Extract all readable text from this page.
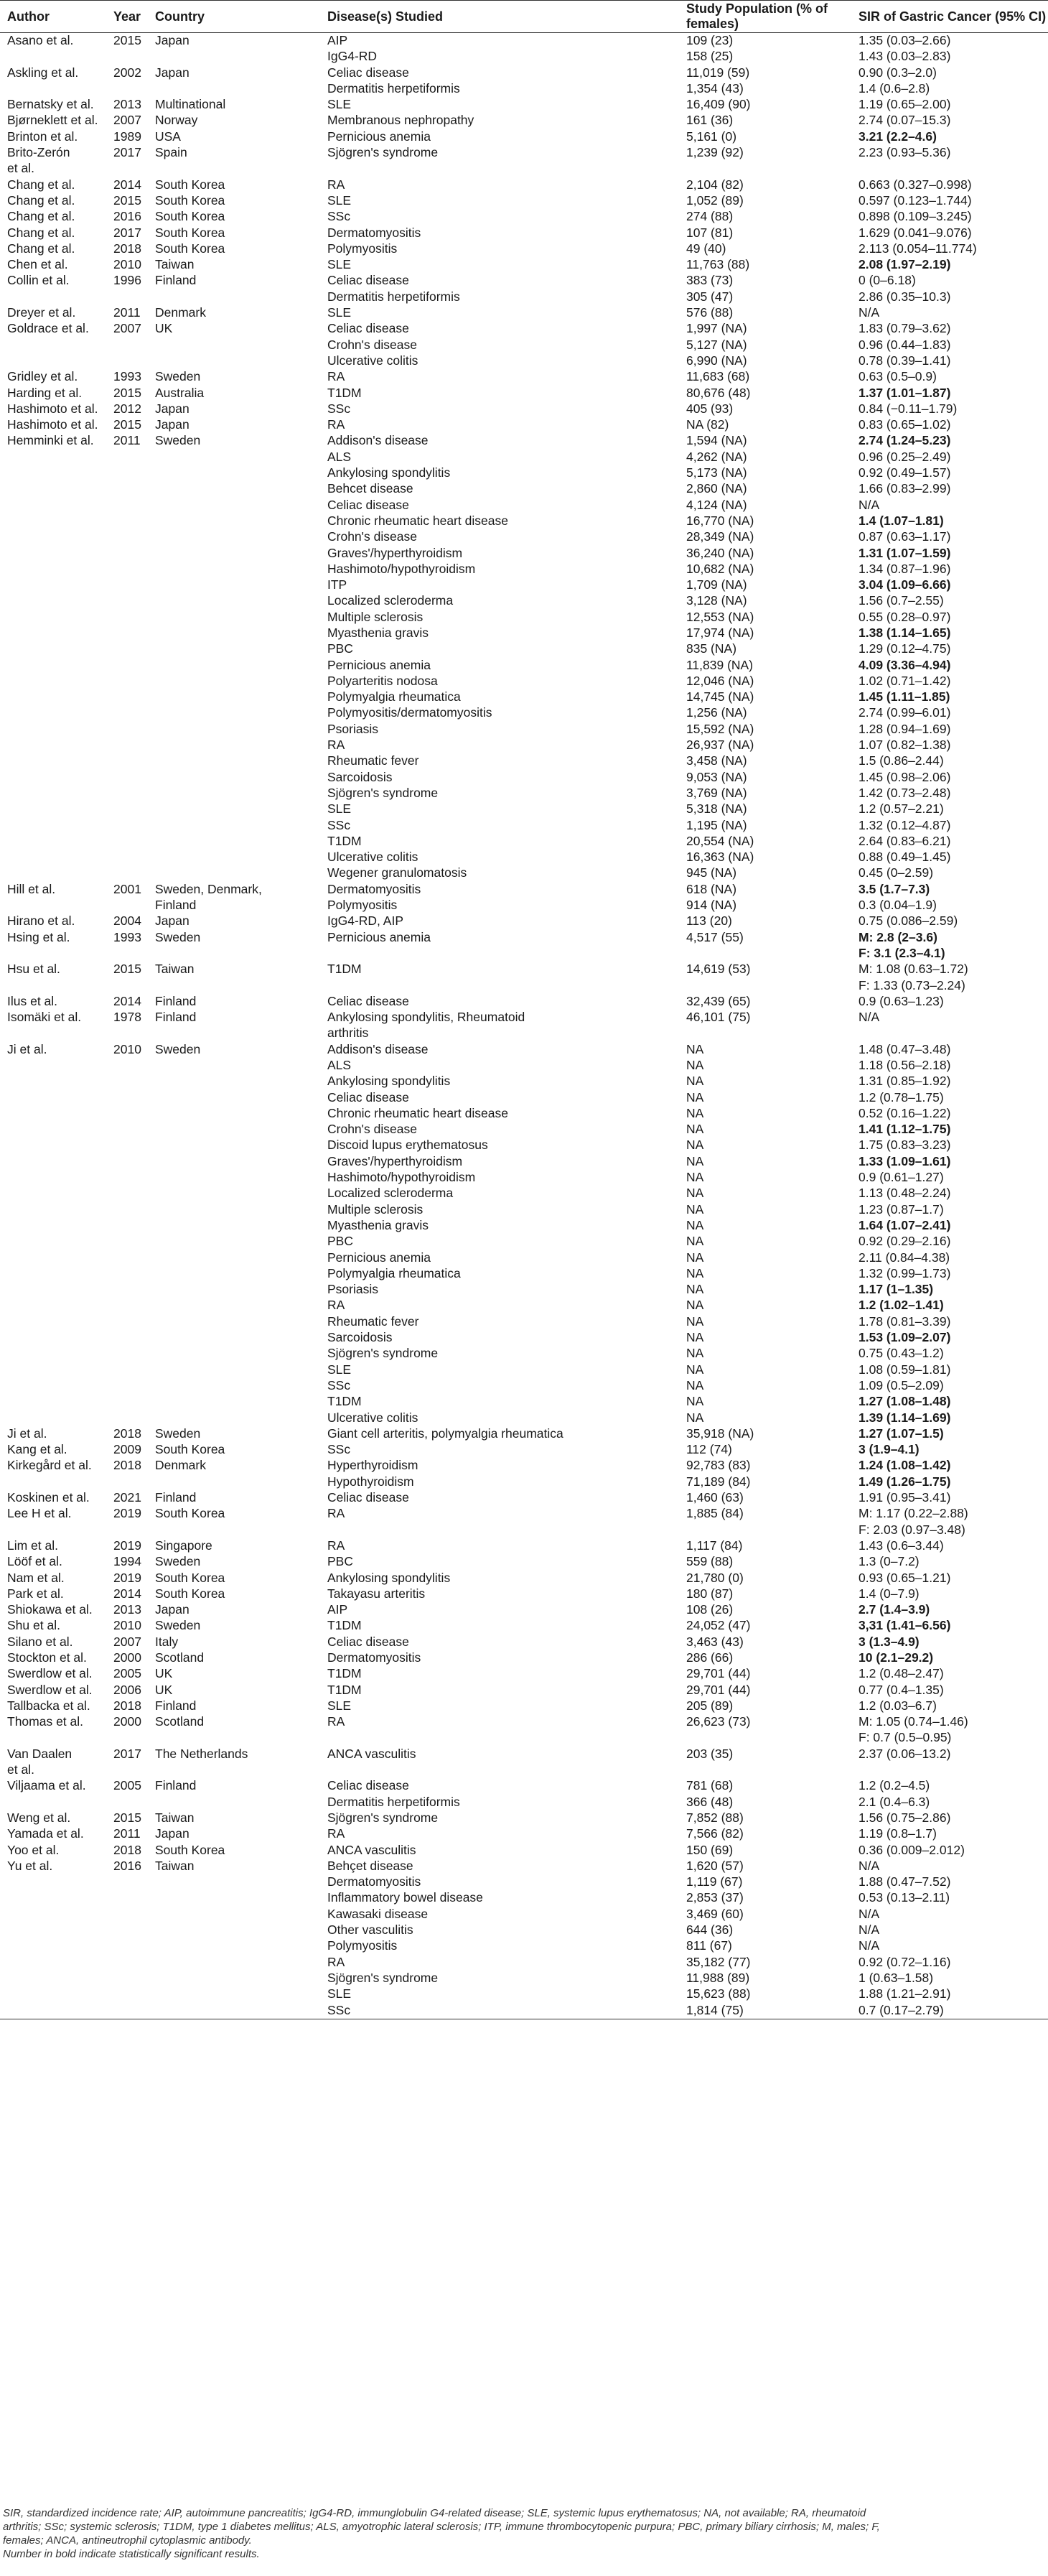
Author	Year	Country	Disease(s) Studied	Study Population (% of females)	SIR of Gastric Cancer (95% CI)
Asano et al.	2015	Japan	AIP	109 (23)	1.35 (0.03–2.66)
			IgG4-RD	158 (25)	1.43 (0.03–2.83)
Askling et al.	2002	Japan	Celiac disease	11,019 (59)	0.90 (0.3–2.0)
			Dermatitis herpetiformis	1,354 (43)	1.4 (0.6–2.8)
Bernatsky et al.	2013	Multinational	SLE	16,409 (90)	1.19 (0.65–2.00)
Bjørneklett et al.	2007	Norway	Membranous nephropathy	161 (36)	2.74 (0.07–15.3)
Brinton et al.	1989	USA	Pernicious anemia	5,161 (0)	3.21 (2.2–4.6)
Brito-Zerón	2017	Spain	Sjögren's syndrome	1,239 (92)	2.23 (0.93–5.36)
et al.					
Chang et al.	2014	South Korea	RA	2,104 (82)	0.663 (0.327–0.998)
Chang et al.	2015	South Korea	SLE	1,052 (89)	0.597 (0.123–1.744)
Chang et al.	2016	South Korea	SSc	274 (88)	0.898 (0.109–3.245)
Chang et al.	2017	South Korea	Dermatomyositis	107 (81)	1.629 (0.041–9.076)
Chang et al.	2018	South Korea	Polymyositis	49 (40)	2.113 (0.054–11.774)
Chen et al.	2010	Taiwan	SLE	11,763 (88)	2.08 (1.97–2.19)
Collin et al.	1996	Finland	Celiac disease	383 (73)	0 (0–6.18)
			Dermatitis herpetiformis	305 (47)	2.86 (0.35–10.3)
Dreyer et al.	2011	Denmark	SLE	576 (88)	N/A
Goldrace et al.	2007	UK	Celiac disease	1,997 (NA)	1.83 (0.79–3.62)
			Crohn's disease	5,127 (NA)	0.96 (0.44–1.83)
			Ulcerative colitis	6,990 (NA)	0.78 (0.39–1.41)
Gridley et al.	1993	Sweden	RA	11,683 (68)	0.63 (0.5–0.9)
Harding et al.	2015	Australia	T1DM	80,676 (48)	1.37 (1.01–1.87)
Hashimoto et al.	2012	Japan	SSc	405 (93)	0.84 (−0.11–1.79)
Hashimoto et al.	2015	Japan	RA	NA (82)	0.83 (0.65–1.02)
Hemminki et al.	2011	Sweden	Addison's disease	1,594 (NA)	2.74 (1.24–5.23)
			ALS	4,262 (NA)	0.96 (0.25–2.49)
			Ankylosing spondylitis	5,173 (NA)	0.92 (0.49–1.57)
			Behcet disease	2,860 (NA)	1.66 (0.83–2.99)
			Celiac disease	4,124 (NA)	N/A
			Chronic rheumatic heart disease	16,770 (NA)	1.4 (1.07–1.81)
			Crohn's disease	28,349 (NA)	0.87 (0.63–1.17)
			Graves'/hyperthyroidism	36,240 (NA)	1.31 (1.07–1.59)
			Hashimoto/hypothyroidism	10,682 (NA)	1.34 (0.87–1.96)
			ITP	1,709 (NA)	3.04 (1.09–6.66)
			Localized scleroderma	3,128 (NA)	1.56 (0.7–2.55)
			Multiple sclerosis	12,553 (NA)	0.55 (0.28–0.97)
			Myasthenia gravis	17,974 (NA)	1.38 (1.14–1.65)
			PBC	835 (NA)	1.29 (0.12–4.75)
			Pernicious anemia	11,839 (NA)	4.09 (3.36–4.94)
			Polyarteritis nodosa	12,046 (NA)	1.02 (0.71–1.42)
			Polymyalgia rheumatica	14,745 (NA)	1.45 (1.11–1.85)
			Polymyositis/dermatomyositis	1,256 (NA)	2.74 (0.99–6.01)
			Psoriasis	15,592 (NA)	1.28 (0.94–1.69)
			RA	26,937 (NA)	1.07 (0.82–1.38)
			Rheumatic fever	3,458 (NA)	1.5 (0.86–2.44)
			Sarcoidosis	9,053 (NA)	1.45 (0.98–2.06)
			Sjögren's syndrome	3,769 (NA)	1.42 (0.73–2.48)
			SLE	5,318 (NA)	1.2 (0.57–2.21)
			SSc	1,195 (NA)	1.32 (0.12–4.87)
			T1DM	20,554 (NA)	2.64 (0.83–6.21)
			Ulcerative colitis	16,363 (NA)	0.88 (0.49–1.45)
			Wegener granulomatosis	945 (NA)	0.45 (0–2.59)
Hill et al.	2001	Sweden, Denmark,	Dermatomyositis	618 (NA)	3.5 (1.7–7.3)
		Finland	Polymyositis	914 (NA)	0.3 (0.04–1.9)
Hirano et al.	2004	Japan	IgG4-RD, AIP	113 (20)	0.75 (0.086–2.59)
Hsing et al.	1993	Sweden	Pernicious anemia	4,517 (55)	M: 2.8 (2–3.6)
					F: 3.1 (2.3–4.1)
Hsu et al.	2015	Taiwan	T1DM	14,619 (53)	M: 1.08 (0.63–1.72)
					F: 1.33 (0.73–2.24)
Ilus et al.	2014	Finland	Celiac disease	32,439 (65)	0.9 (0.63–1.23)
Isomäki et al.	1978	Finland	Ankylosing spondylitis, Rheumatoid	46,101 (75)	N/A
			arthritis		
Ji et al.	2010	Sweden	Addison's disease	NA	1.48 (0.47–3.48)
			ALS	NA	1.18 (0.56–2.18)
			Ankylosing spondylitis	NA	1.31 (0.85–1.92)
			Celiac disease	NA	1.2 (0.78–1.75)
			Chronic rheumatic heart disease	NA	0.52 (0.16–1.22)
			Crohn's disease	NA	1.41 (1.12–1.75)
			Discoid lupus erythematosus	NA	1.75 (0.83–3.23)
			Graves'/hyperthyroidism	NA	1.33 (1.09–1.61)
			Hashimoto/hypothyroidism	NA	0.9 (0.61–1.27)
			Localized scleroderma	NA	1.13 (0.48–2.24)
			Multiple sclerosis	NA	1.23 (0.87–1.7)
			Myasthenia gravis	NA	1.64 (1.07–2.41)
			PBC	NA	0.92 (0.29–2.16)
			Pernicious anemia	NA	2.11 (0.84–4.38)
			Polymyalgia rheumatica	NA	1.32 (0.99–1.73)
			Psoriasis	NA	1.17 (1–1.35)
			RA	NA	1.2 (1.02–1.41)
			Rheumatic fever	NA	1.78 (0.81–3.39)
			Sarcoidosis	NA	1.53 (1.09–2.07)
			Sjögren's syndrome	NA	0.75 (0.43–1.2)
			SLE	NA	1.08 (0.59–1.81)
			SSc	NA	1.09 (0.5–2.09)
			T1DM	NA	1.27 (1.08–1.48)
			Ulcerative colitis	NA	1.39 (1.14–1.69)
Ji et al.	2018	Sweden	Giant cell arteritis, polymyalgia rheumatica	35,918 (NA)	1.27 (1.07–1.5)
Kang et al.	2009	South Korea	SSc	112 (74)	3 (1.9–4.1)
Kirkegård et al.	2018	Denmark	Hyperthyroidism	92,783 (83)	1.24 (1.08–1.42)
			Hypothyroidism	71,189 (84)	1.49 (1.26–1.75)
Koskinen et al.	2021	Finland	Celiac disease	1,460 (63)	1.91 (0.95–3.41)
Lee H et al.	2019	South Korea	RA	1,885 (84)	M: 1.17 (0.22–2.88)
					F: 2.03 (0.97–3.48)
Lim et al.	2019	Singapore	RA	1,117 (84)	1.43 (0.6–3.44)
Lööf et al.	1994	Sweden	PBC	559 (88)	1.3 (0–7.2)
Nam et al.	2019	South Korea	Ankylosing spondylitis	21,780 (0)	0.93 (0.65–1.21)
Park et al.	2014	South Korea	Takayasu arteritis	180 (87)	1.4 (0–7.9)
Shiokawa et al.	2013	Japan	AIP	108 (26)	2.7 (1.4–3.9)
Shu et al.	2010	Sweden	T1DM	24,052 (47)	3,31 (1.41–6.56)
Silano et al.	2007	Italy	Celiac disease	3,463 (43)	3 (1.3–4.9)
Stockton et al.	2000	Scotland	Dermatomyositis	286 (66)	10 (2.1–29.2)
Swerdlow et al.	2005	UK	T1DM	29,701 (44)	1.2 (0.48–2.47)
Swerdlow et al.	2006	UK	T1DM	29,701 (44)	0.77 (0.4–1.35)
Tallbacka et al.	2018	Finland	SLE	205 (89)	1.2 (0.03–6.7)
Thomas et al.	2000	Scotland	RA	26,623 (73)	M: 1.05 (0.74–1.46)
					F: 0.7 (0.5–0.95)
Van Daalen	2017	The Netherlands	ANCA vasculitis	203 (35)	2.37 (0.06–13.2)
et al.					
Viljaama et al.	2005	Finland	Celiac disease	781 (68)	1.2 (0.2–4.5)
			Dermatitis herpetiformis	366 (48)	2.1 (0.4–6.3)
Weng et al.	2015	Taiwan	Sjögren's syndrome	7,852 (88)	1.56 (0.75–2.86)
Yamada et al.	2011	Japan	RA	7,566 (82)	1.19 (0.8–1.7)
Yoo et al.	2018	South Korea	ANCA vasculitis	150 (69)	0.36 (0.009–2.012)
Yu et al.	2016	Taiwan	Behçet disease	1,620 (57)	N/A
			Dermatomyositis	1,119 (67)	1.88 (0.47–7.52)
			Inflammatory bowel disease	2,853 (37)	0.53 (0.13–2.11)
			Kawasaki disease	3,469 (60)	N/A
			Other vasculitis	644 (36)	N/A
			Polymyositis	811 (67)	N/A
			RA	35,182 (77)	0.92 (0.72–1.16)
			Sjögren's syndrome	11,988 (89)	1 (0.63–1.58)
			SLE	15,623 (88)	1.88 (1.21–2.91)
			SSc	1,814 (75)	0.7 (0.17–2.79)

SIR, standardized incidence rate; AIP, autoimmune pancreatitis; IgG4-RD, immunglobulin G4-related disease; SLE, systemic lupus erythematosus; NA, not available; RA, rheumatoid

arthritis; SSc; systemic sclerosis; T1DM, type 1 diabetes mellitus; ALS, amyotrophic lateral sclerosis; ITP, immune thrombocytopenic purpura; PBC, primary biliary cirrhosis; M, males; F,

females; ANCA, antineutrophil cytoplasmic antibody.

Number in bold indicate statistically significant results.
